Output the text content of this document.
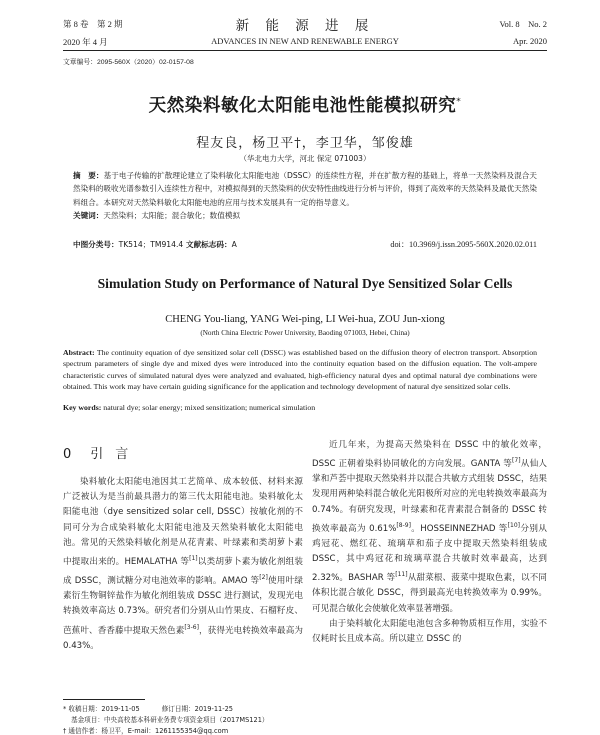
第 8 卷　第 2 期
2020 年 4 月
新 能 源 进 展
ADVANCES IN NEW AND RENEWABLE ENERGY
Vol. 8　No. 2
Apr. 2020
文章编号：2095-560X（2020）02-0157-08
天然染料敏化太阳能电池性能模拟研究*
程友良，杨卫平†，李卫华，邹俊雄
（华北电力大学，河北 保定 071003）
摘　要：基于电子传输的扩散理论建立了染料敏化太阳能电池（DSSC）的连续性方程，并在扩散方程的基础上，将单一天然染料及混合天然染料的吸收光谱参数引入连续性方程中，对模拟得到的天然染料的伏安特性曲线进行分析与评价，得到了高效率的天然染料及最优天然染料组合。本研究对天然染料敏化太阳能电池的应用与技术发展具有一定的指导意义。
关键词：天然染料；太阳能；混合敏化；数值模拟
中图分类号：TK514；TM914.4 文献标志码：A	doi：10.3969/j.issn.2095-560X.2020.02.011
Simulation Study on Performance of Natural Dye Sensitized Solar Cells
CHENG You-liang, YANG Wei-ping, LI Wei-hua, ZOU Jun-xiong
(North China Electric Power University, Baoding 071003, Hebei, China)
Abstract: The continuity equation of dye sensitized solar cell (DSSC) was established based on the diffusion theory of electron transport. Absorption spectrum parameters of single dye and mixed dyes were introduced into the continuity equation based on the diffusion equation. The volt-ampere characteristic curves of simulated natural dyes were analyzed and evaluated, high-efficiency natural dyes and optimal natural dye combinations were obtained. This work may have certain guiding significance for the application and technology development of natural dye sensitized solar cells.
Key words: natural dye; solar energy; mixed sensitization; numerical simulation
0 引言

染料敏化太阳能电池因其工艺简单、成本较低、材料来源广泛被认为是当前最具潜力的第三代太阳能电池。染料敏化太阳能电池（dye sensitized solar cell, DSSC）按敏化剂的不同可分为合成染料敏化太阳能电池及天然染料敏化太阳能电池。常见的天然染料敏化剂是从花青素、叶绿素和类胡萝卜素中提取出来的。HEMALATHA 等[1]以类胡萝卜素为敏化剂组装成 DSSC，测试糖分对电池效率的影响。AMAO 等[2]使用叶绿素衍生物铜锌盐作为敏化剂组装成 DSSC 进行测试，发现光电转换效率高达 0.73%。研究者们分别从山竹果皮、石榴籽皮、芭蕉叶、香香藤中提取天然色素[3-6]，获得光电转换效率最高为 0.43%。

近几年来，为提高天然染料在 DSSC 中的敏化效率，DSSC 正朝着染料协同敏化的方向发展。GANTA 等[7]从仙人掌和芦荟中提取天然染料并以混合共敏方式组装 DSSC，结果发现用两种染料混合敏化光阳极所对应的光电转换效率最高为 0.74%。有研究发现，叶绿素和花青素混合制备的 DSSC 转换效率最高为 0.61%[8-9]。HOSSEINNEZHAD 等[10]分别从鸡冠花、燃红花、琉璃草和茄子皮中提取天然染料组装成 DSSC，其中鸡冠花和琉璃草混合共敏时效率最高，达到 2.32%。BASHAR 等[11]从甜菜根、菠菜中提取色素，以不同体积比混合敏化 DSSC，得到最高光电转换效率为 0.99%。可见混合敏化会使敏化效率显著增强。

由于染料敏化太阳能电池包含多种物质相互作用，实验不仅耗时长且成本高。所以建立 DSSC 的

* 收稿日期：2019-11-05	修订日期：2019-11-25
基金项目：中央高校基本科研业务费专项资金项目（2017MS121）
† 通信作者：杨卫平，E-mail：1261155354@qq.com
